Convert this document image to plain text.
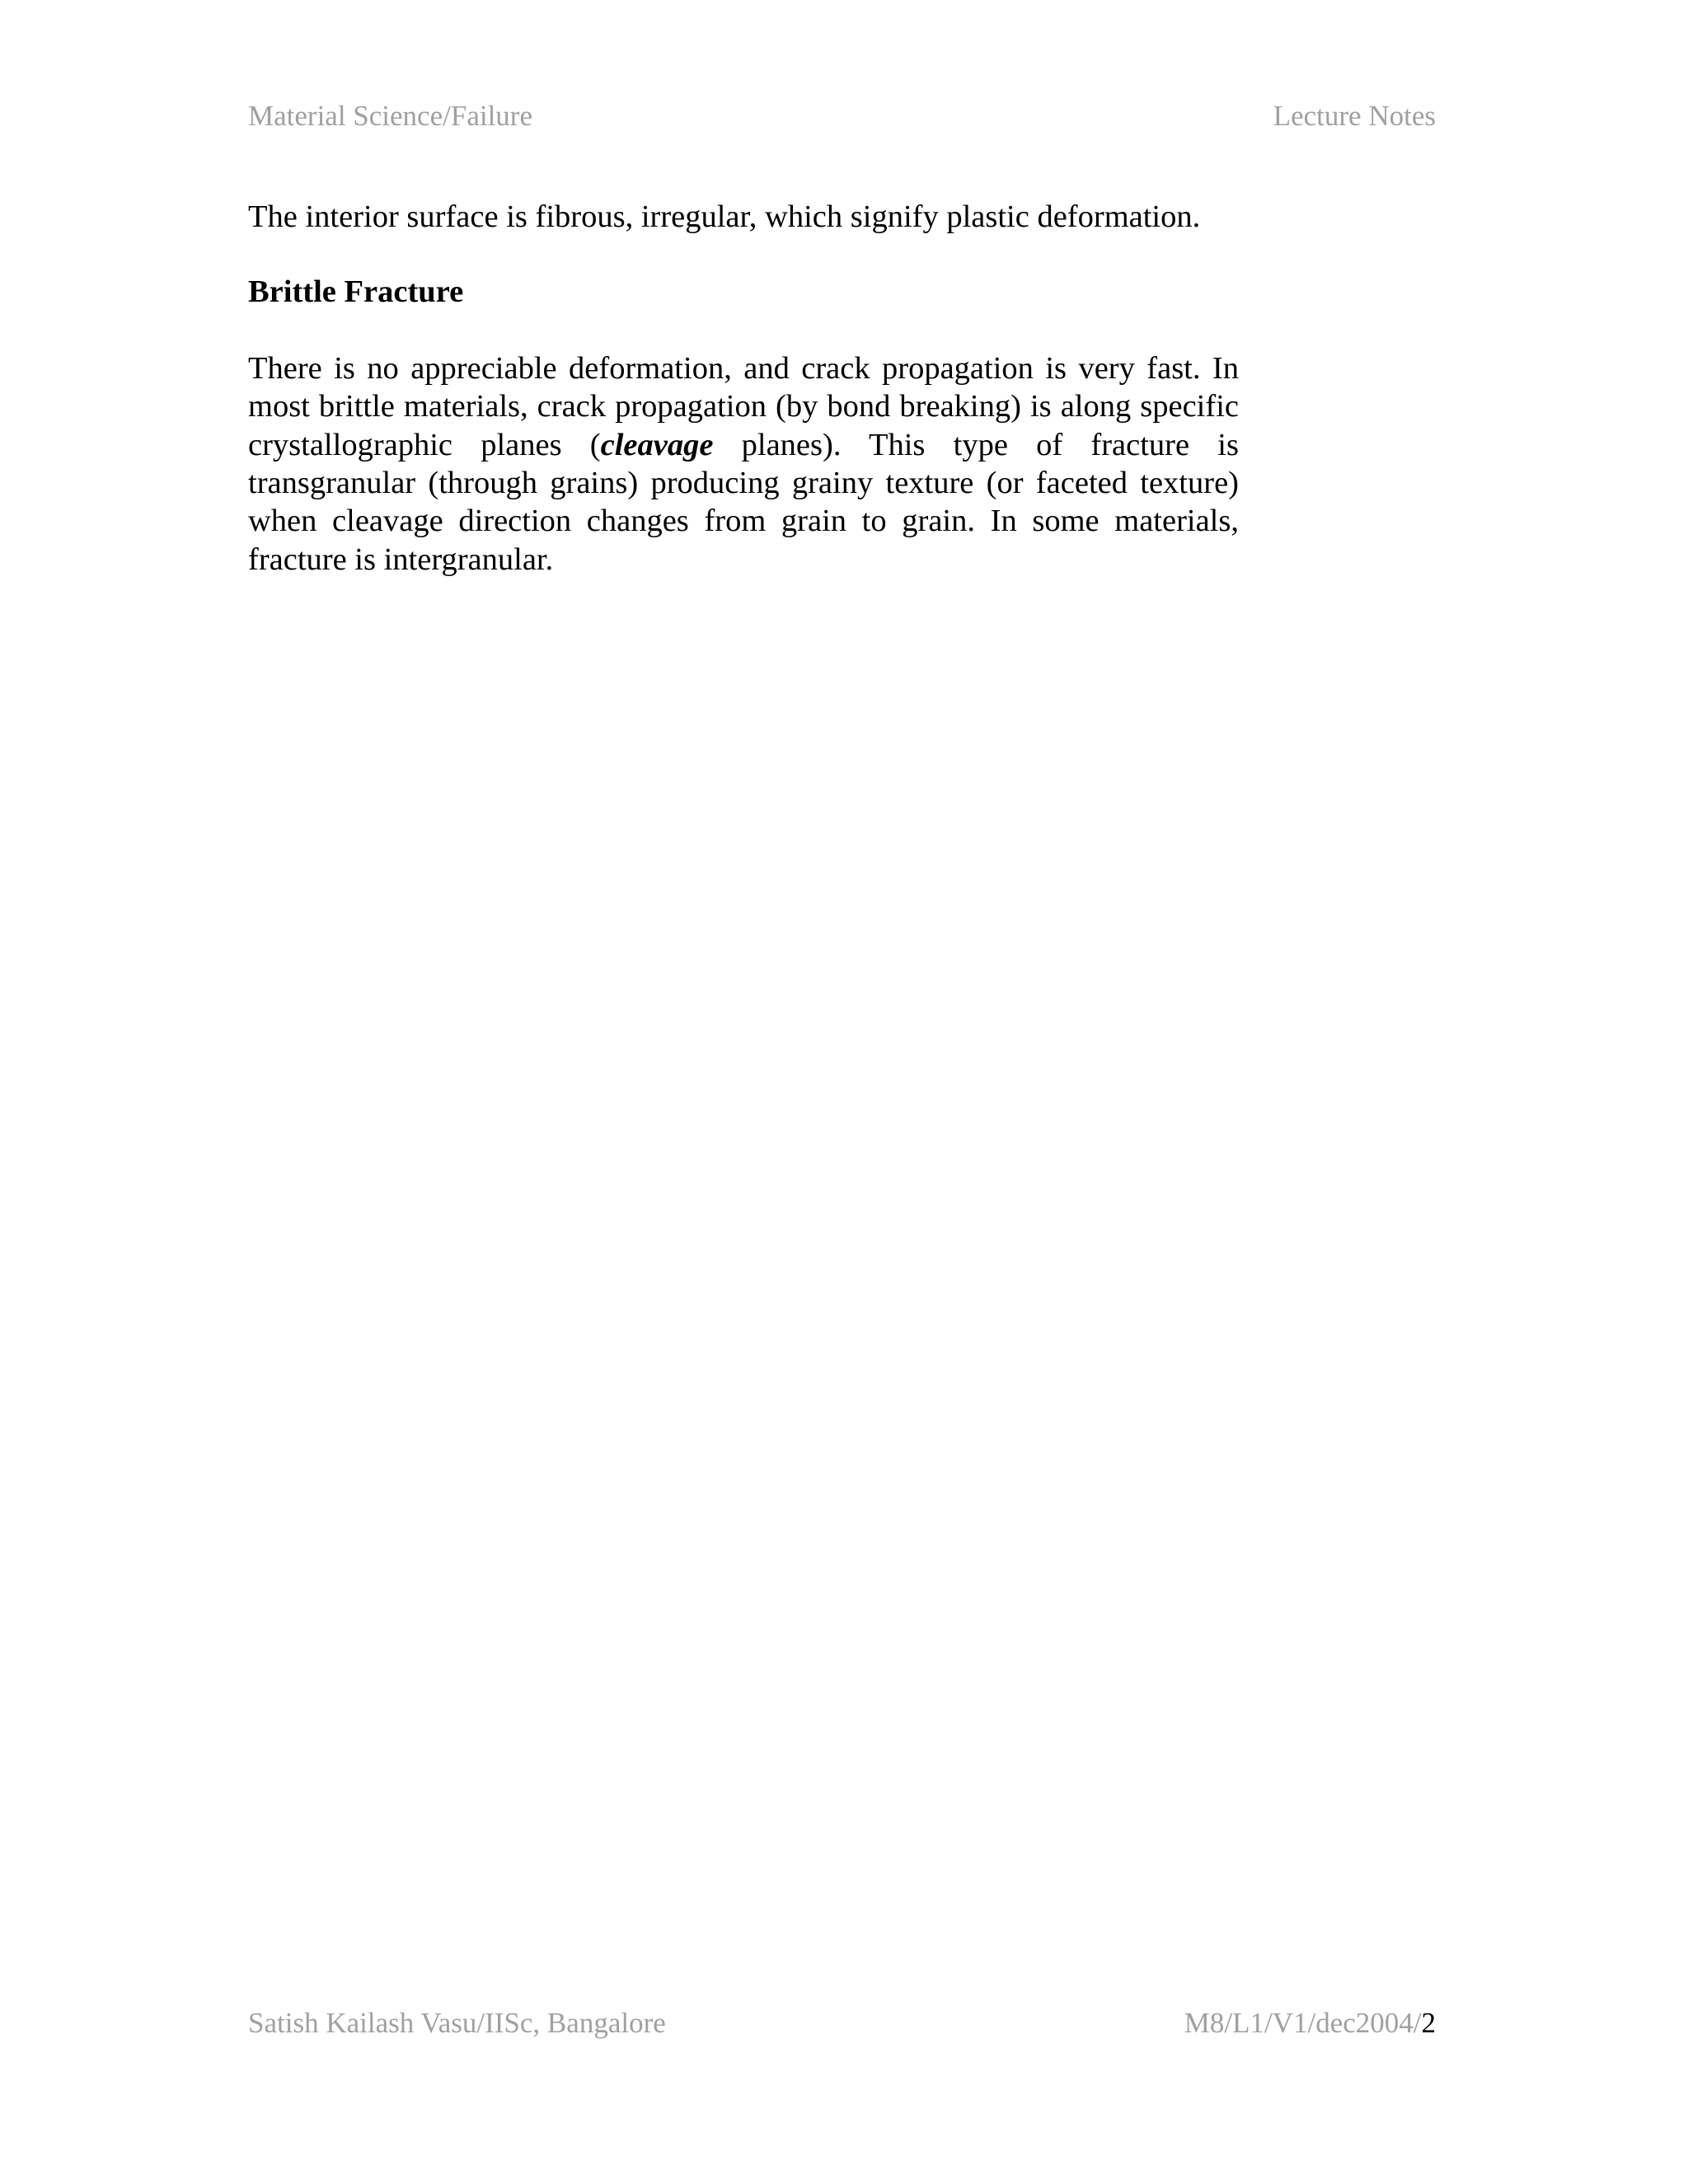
Material Science/Failure	Lecture Notes

The interior surface is fibrous, irregular, which signify plastic deformation.

Brittle Fracture

There is no appreciable deformation, and crack propagation is very fast. In most brittle materials, crack propagation (by bond breaking) is along specific crystallographic planes (cleavage planes). This type of fracture is transgranular (through grains) producing grainy texture (or faceted texture) when cleavage direction changes from grain to grain. In some materials, fracture is intergranular.

Satish Kailash Vasu/IISc, Bangalore	M8/L1/V1/dec2004/2
